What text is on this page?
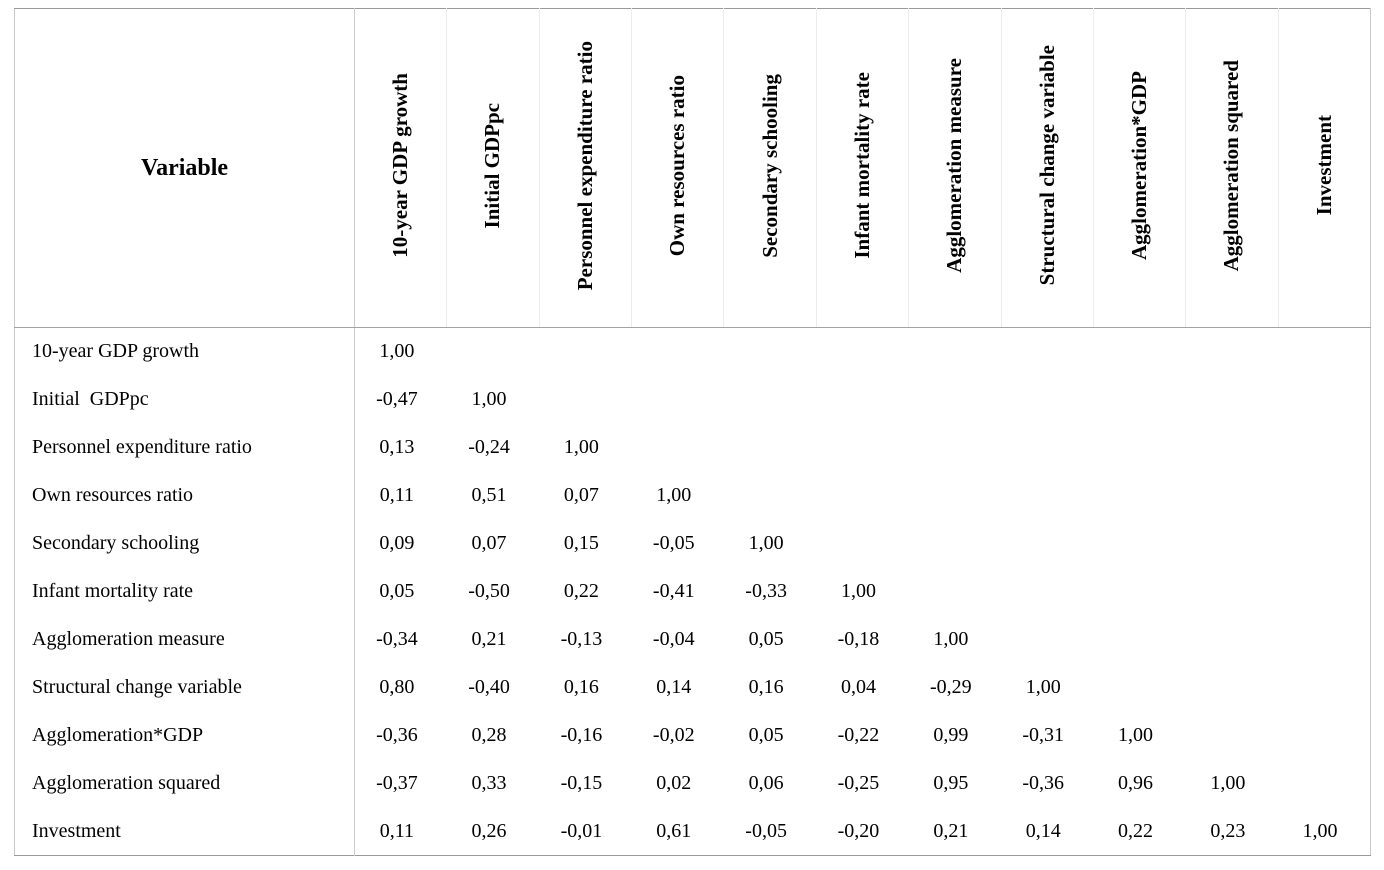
Variable	10-year GDP growth	Initial GDPpc	Personnel expenditure ratio	Own resources ratio	Secondary schooling	Infant mortality rate	Agglomeration measure	Structural change variable	Agglomeration*GDP	Agglomeration squared	Investment
10-year GDP growth	1,00										
Initial  GDPpc	-0,47	1,00									
Personnel expenditure ratio	0,13	-0,24	1,00								
Own resources ratio	0,11	0,51	0,07	1,00							
Secondary schooling	0,09	0,07	0,15	-0,05	1,00						
Infant mortality rate	0,05	-0,50	0,22	-0,41	-0,33	1,00					
Agglomeration measure	-0,34	0,21	-0,13	-0,04	0,05	-0,18	1,00				
Structural change variable	0,80	-0,40	0,16	0,14	0,16	0,04	-0,29	1,00			
Agglomeration*GDP	-0,36	0,28	-0,16	-0,02	0,05	-0,22	0,99	-0,31	1,00		
Agglomeration squared	-0,37	0,33	-0,15	0,02	0,06	-0,25	0,95	-0,36	0,96	1,00	
Investment	0,11	0,26	-0,01	0,61	-0,05	-0,20	0,21	0,14	0,22	0,23	1,00
